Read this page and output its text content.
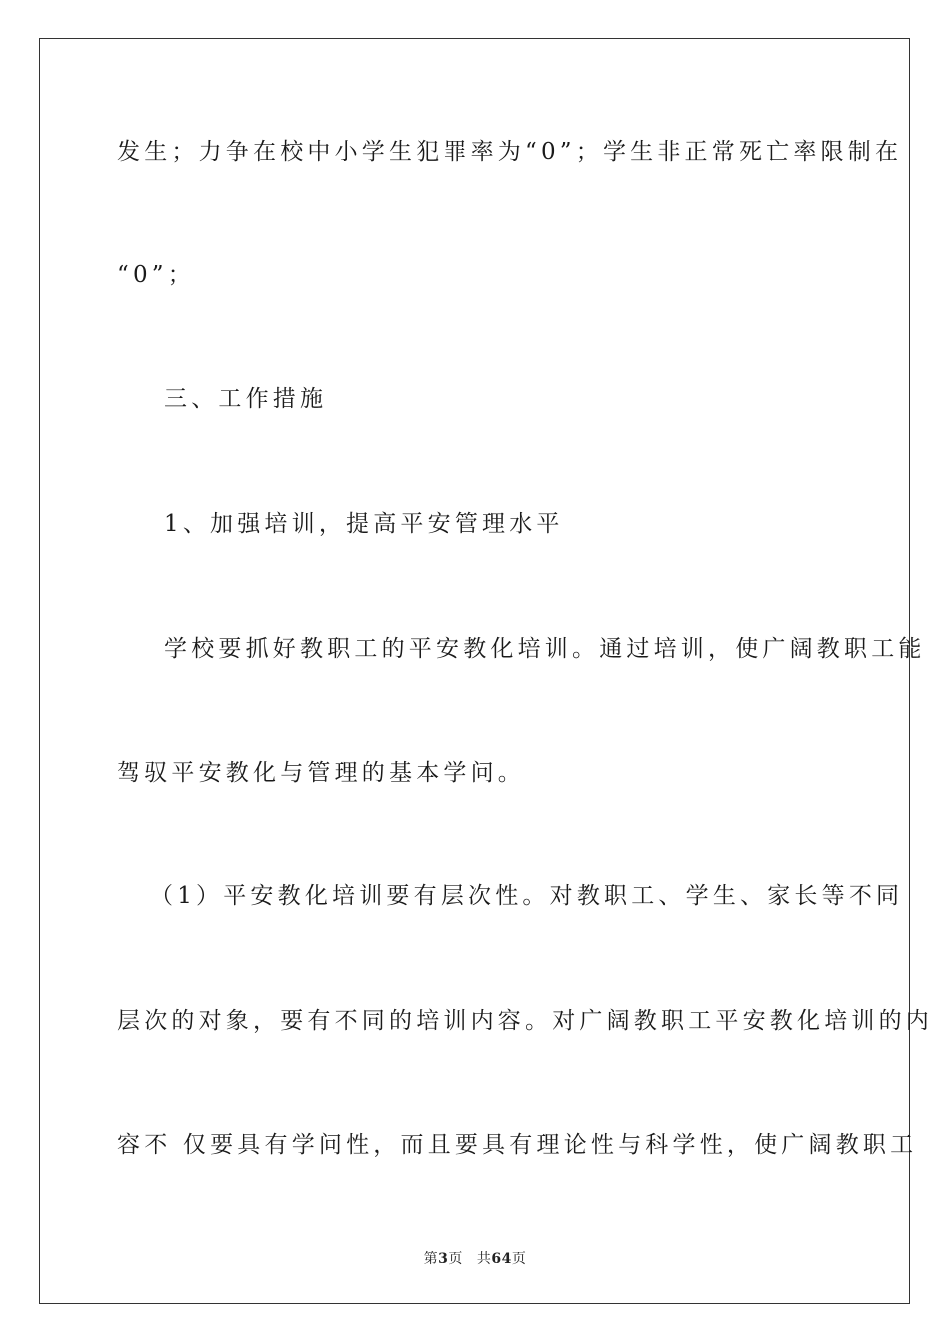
发生；力争在校中小学生犯罪率为“0”；学生非正常死亡率限制在
“0”；
三、工作措施
1、加强培训，提高平安管理水平
学校要抓好教职工的平安教化培训。通过培训，使广阔教职工能
驾驭平安教化与管理的基本学问。
（1）平安教化培训要有层次性。对教职工、学生、家长等不同
层次的对象，要有不同的培训内容。对广阔教职工平安教化培训的内
容不 仅要具有学问性，而且要具有理论性与科学性，使广阔教职工
第3页 共64页
